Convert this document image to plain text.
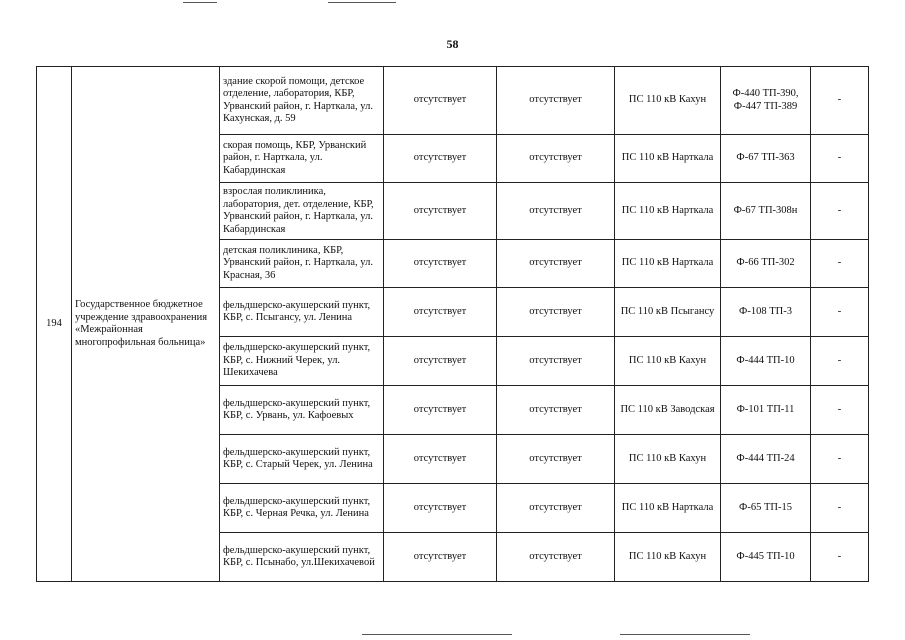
58
194	Государственное бюджетное учреждение здравоохранения «Межрайонная многопрофильная больница»	здание скорой помощи, детское отделение, лаборатория, КБР, Урванский район, г. Нарткала, ул. Кахунская, д. 59	отсутствует	отсутствует	ПС 110 кВ Кахун	Ф-440 ТП-390, Ф-447 ТП-389	-
		скорая помощь, КБР, Урванский район, г. Нарткала, ул. Кабардинская	отсутствует	отсутствует	ПС 110 кВ Нарткала	Ф-67 ТП-363	-
		взрослая поликлиника, лаборатория, дет. отделение, КБР, Урванский район, г. Нарткала, ул. Кабардинская	отсутствует	отсутствует	ПС 110 кВ Нарткала	Ф-67 ТП-308н	-
		детская поликлиника, КБР, Урванский район, г. Нарткала, ул. Красная, 36	отсутствует	отсутствует	ПС 110 кВ Нарткала	Ф-66 ТП-302	-
		фельдшерско-акушерский пункт, КБР, с. Псыгансу, ул. Ленина	отсутствует	отсутствует	ПС 110 кВ Псыгансу	Ф-108 ТП-3	-
		фельдшерско-акушерский пункт, КБР, с. Нижний Черек, ул. Шекихачева	отсутствует	отсутствует	ПС 110 кВ Кахун	Ф-444 ТП-10	-
		фельдшерско-акушерский пункт, КБР, с. Урвань, ул. Кафоевых	отсутствует	отсутствует	ПС 110 кВ Заводская	Ф-101 ТП-11	-
		фельдшерско-акушерский пункт, КБР, с. Старый Черек, ул. Ленина	отсутствует	отсутствует	ПС 110 кВ Кахун	Ф-444 ТП-24	-
		фельдшерско-акушерский пункт, КБР, с. Черная Речка, ул. Ленина	отсутствует	отсутствует	ПС 110 кВ Нарткала	Ф-65 ТП-15	-
		фельдшерско-акушерский пункт, КБР, с. Псынабо, ул.Шекихачевой	отсутствует	отсутствует	ПС 110 кВ Кахун	Ф-445 ТП-10	-
